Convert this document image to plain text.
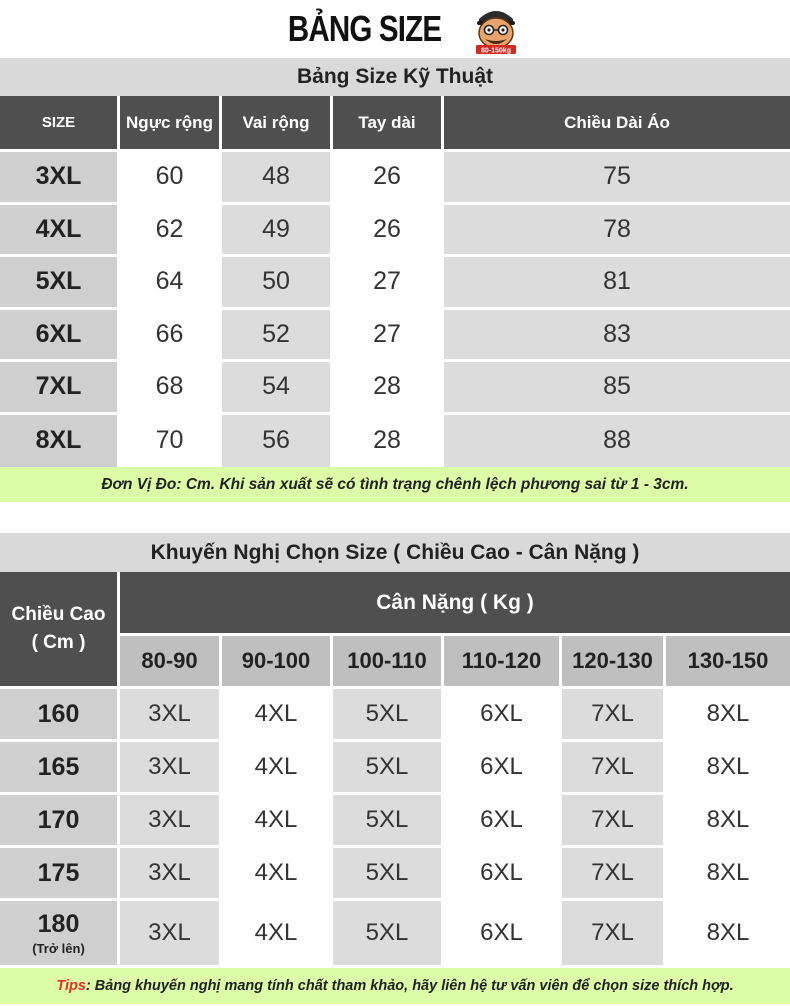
BẢNG SIZE
80-150kg
Bảng Size Kỹ Thuật
SIZE	Ngực rộng	Vai rộng	Tay dài	Chiều Dài Áo
3XL	60	48	26	75
4XL	62	49	26	78
5XL	64	50	27	81
6XL	66	52	27	83
7XL	68	54	28	85
8XL	70	56	28	88
Đơn Vị Đo: Cm. Khi sản xuất sẽ có tình trạng chênh lệch phương sai từ 1 - 3cm.
Khuyến Nghị Chọn Size ( Chiều Cao - Cân Nặng )
Chiều Cao
( Cm )	Cân Nặng ( Kg )					
	80-90	90-100	100-110	110-120	120-130	130-150
160	3XL	4XL	5XL	6XL	7XL	8XL
165	3XL	4XL	5XL	6XL	7XL	8XL
170	3XL	4XL	5XL	6XL	7XL	8XL
175	3XL	4XL	5XL	6XL	7XL	8XL
180
(Trở lên)	3XL	4XL	5XL	6XL	7XL	8XL
Tips : Bảng khuyến nghị mang tính chất tham khảo, hãy liên hệ tư vấn viên để chọn size thích hợp.
